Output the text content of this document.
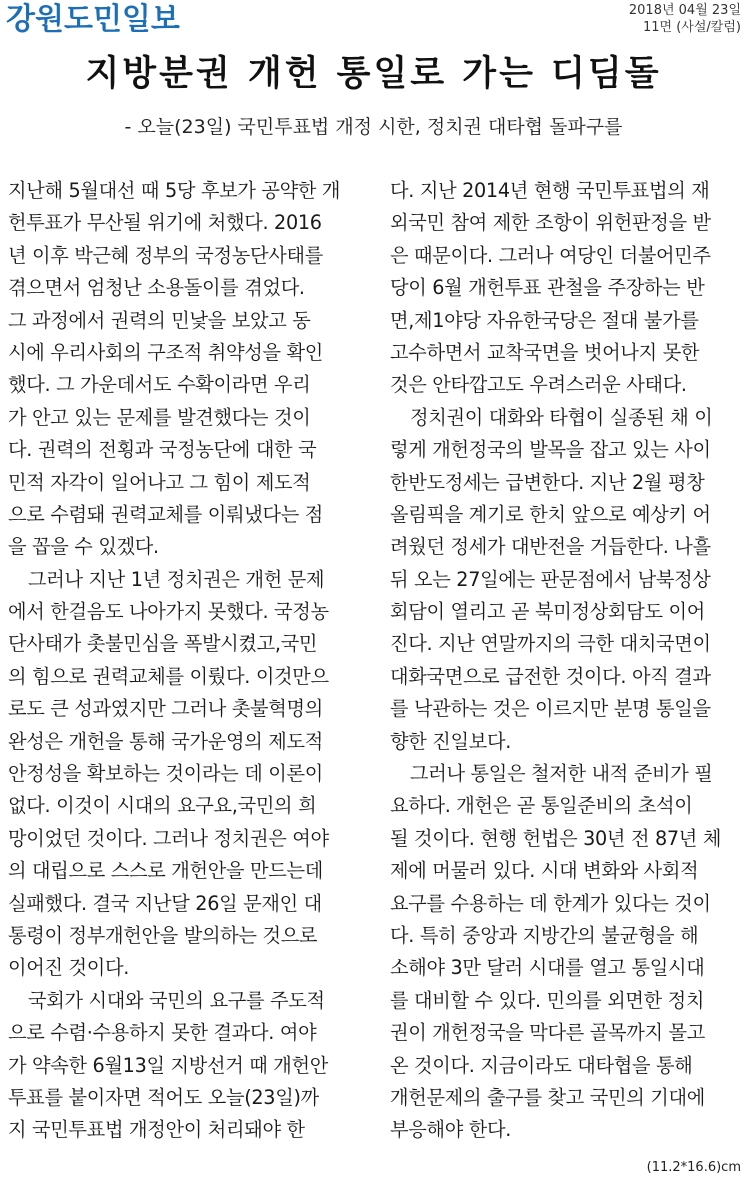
강원도민일보	2018년 04월 23일
11면 (사설/칼럼)
지방분권 개헌 통일로 가는 디딤돌
- 오늘(23일) 국민투표법 개정 시한, 정치권 대타협 돌파구를
지난해 5월대선 때 5당 후보가 공약한 개
헌투표가 무산될 위기에 처했다. 2016
년 이후 박근혜 정부의 국정농단사태를
겪으면서 엄청난 소용돌이를 겪었다.
그 과정에서 권력의 민낯을 보았고 동
시에 우리사회의 구조적 취약성을 확인
했다. 그 가운데서도 수확이라면 우리
가 안고 있는 문제를 발견했다는 것이
다. 권력의 전횡과 국정농단에 대한 국
민적 자각이 일어나고 그 힘이 제도적
으로 수렴돼 권력교체를 이뤄냈다는 점
을 꼽을 수 있겠다.
그러나 지난 1년 정치권은 개헌 문제
에서 한걸음도 나아가지 못했다. 국정농
단사태가 촛불민심을 폭발시켰고,국민
의 힘으로 권력교체를 이뤘다. 이것만으
로도 큰 성과였지만 그러나 촛불혁명의
완성은 개헌을 통해 국가운영의 제도적
안정성을 확보하는 것이라는 데 이론이
없다. 이것이 시대의 요구요,국민의 희
망이었던 것이다. 그러나 정치권은 여야
의 대립으로 스스로 개헌안을 만드는데
실패했다. 결국 지난달 26일 문재인 대
통령이 정부개헌안을 발의하는 것으로
이어진 것이다.
국회가 시대와 국민의 요구를 주도적
으로 수렴·수용하지 못한 결과다. 여야
가 약속한 6월13일 지방선거 때 개헌안
투표를 붙이자면 적어도 오늘(23일)까
지 국민투표법 개정안이 처리돼야 한
다. 지난 2014년 현행 국민투표법의 재
외국민 참여 제한 조항이 위헌판정을 받
은 때문이다. 그러나 여당인 더불어민주
당이 6월 개헌투표 관철을 주장하는 반
면,제1야당 자유한국당은 절대 불가를
고수하면서 교착국면을 벗어나지 못한
것은 안타깝고도 우려스러운 사태다.
정치권이 대화와 타협이 실종된 채 이
렇게 개헌정국의 발목을 잡고 있는 사이
한반도정세는 급변한다. 지난 2월 평창
올림픽을 계기로 한치 앞으로 예상키 어
려웠던 정세가 대반전을 거듭한다. 나흘
뒤 오는 27일에는 판문점에서 남북정상
회담이 열리고 곧 북미정상회담도 이어
진다. 지난 연말까지의 극한 대치국면이
대화국면으로 급전한 것이다. 아직 결과
를 낙관하는 것은 이르지만 분명 통일을
향한 진일보다.
그러나 통일은 철저한 내적 준비가 필
요하다. 개헌은 곧 통일준비의 초석이
될 것이다. 현행 헌법은 30년 전 87년 체
제에 머물러 있다. 시대 변화와 사회적
요구를 수용하는 데 한계가 있다는 것이
다. 특히 중앙과 지방간의 불균형을 해
소해야 3만 달러 시대를 열고 통일시대
를 대비할 수 있다. 민의를 외면한 정치
권이 개헌정국을 막다른 골목까지 몰고
온 것이다. 지금이라도 대타협을 통해
개헌문제의 출구를 찾고 국민의 기대에
부응해야 한다.
(11.2*16.6)cm
